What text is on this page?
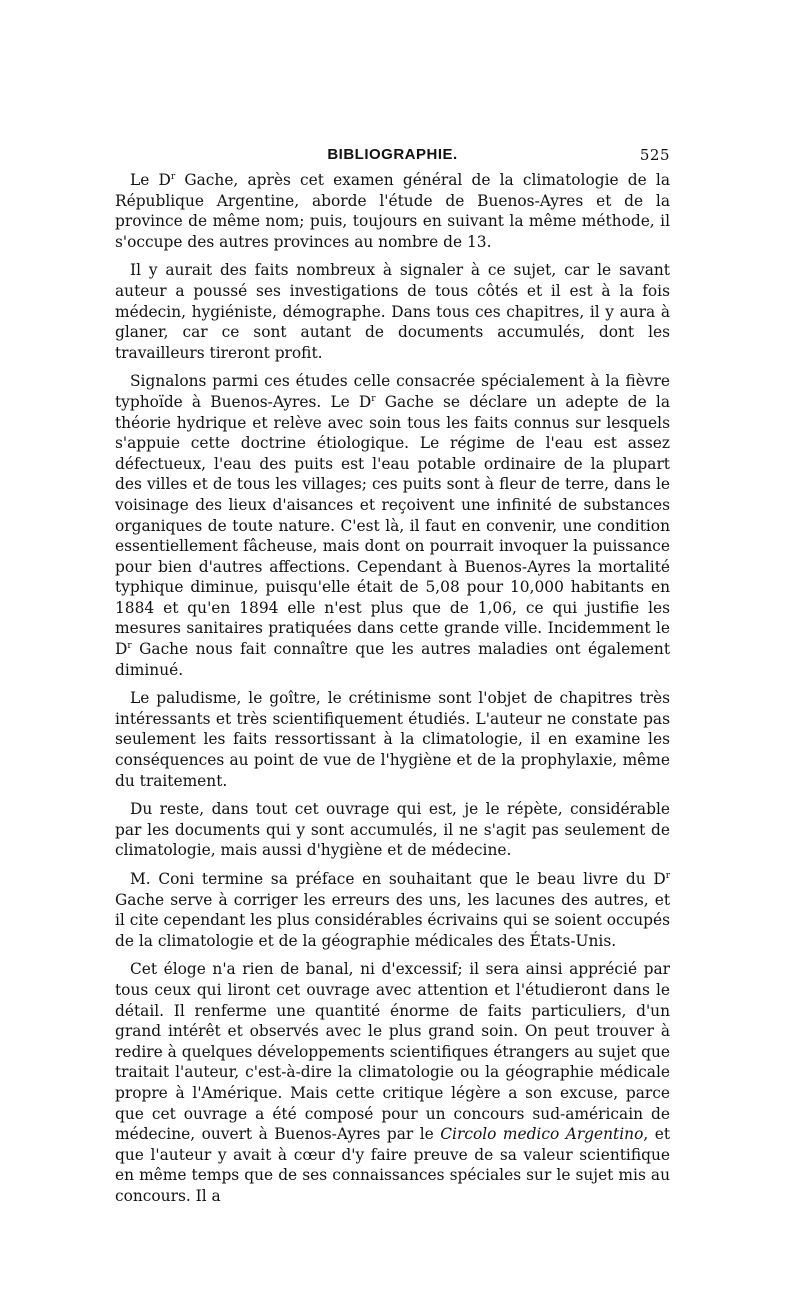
BIBLIOGRAPHIE.	525

Le $D^r$ Gache, après cet examen général de la climatologie de la République Argentine, aborde l'étude de Buenos-Ayres et de la province de même nom; puis, toujours en suivant la même méthode, il s'occupe des autres provinces au nombre de 13.

Il y aurait des faits nombreux à signaler à ce sujet, car le savant auteur a poussé ses investigations de tous côtés et il est à la fois médecin, hygiéniste, démographe. Dans tous ces chapitres, il y aura à glaner, car ce sont autant de documents accumulés, dont les travailleurs tireront profit.

Signalons parmi ces études celle consacrée spécialement à la fièvre typhoïde à Buenos-Ayres. Le $D^r$ Gache se déclare un adepte de la théorie hydrique et relève avec soin tous les faits connus sur lesquels s'appuie cette doctrine étiologique. Le régime de l'eau est assez défectueux, l'eau des puits est l'eau potable ordinaire de la plupart des villes et de tous les villages; ces puits sont à fleur de terre, dans le voisinage des lieux d'aisances et reçoivent une infinité de substances organiques de toute nature. C'est là, il faut en convenir, une condition essentiellement fâcheuse, mais dont on pourrait invoquer la puissance pour bien d'autres affections. Cependant à Buenos-Ayres la mortalité typhique diminue, puisqu'elle était de 5,08 pour 10,000 habitants en 1884 et qu'en 1894 elle n'est plus que de 1,06, ce qui justifie les mesures sanitaires pratiquées dans cette grande ville. Incidemment le $D^r$ Gache nous fait connaître que les autres maladies ont également diminué.

Le paludisme, le goître, le crétinisme sont l'objet de chapitres très intéressants et très scientifiquement étudiés. L'auteur ne constate pas seulement les faits ressortissant à la climatologie, il en examine les conséquences au point de vue de l'hygiène et de la prophylaxie, même du traitement.

Du reste, dans tout cet ouvrage qui est, je le répète, considérable par les documents qui y sont accumulés, il ne s'agit pas seulement de climatologie, mais aussi d'hygiène et de médecine.

M. Coni termine sa préface en souhaitant que le beau livre du $D^r$ Gache serve à corriger les erreurs des uns, les lacunes des autres, et il cite cependant les plus considérables écrivains qui se soient occupés de la climatologie et de la géographie médicales des États-Unis.

Cet éloge n'a rien de banal, ni d'excessif; il sera ainsi apprécié par tous ceux qui liront cet ouvrage avec attention et l'étudieront dans le détail. Il renferme une quantité énorme de faits particuliers, d'un grand intérêt et observés avec le plus grand soin. On peut trouver à redire à quelques développements scientifiques étrangers au sujet que traitait l'auteur, c'est-à-dire la climatologie ou la géographie médicale propre à l'Amérique. Mais cette critique légère a son excuse, parce que cet ouvrage a été composé pour un concours sud-américain de médecine, ouvert à Buenos-Ayres par le Circolo medico Argentino, et que l'auteur y avait à cœur d'y faire preuve de sa valeur scientifique en même temps que de ses connaissances spéciales sur le sujet mis au concours. Il a
